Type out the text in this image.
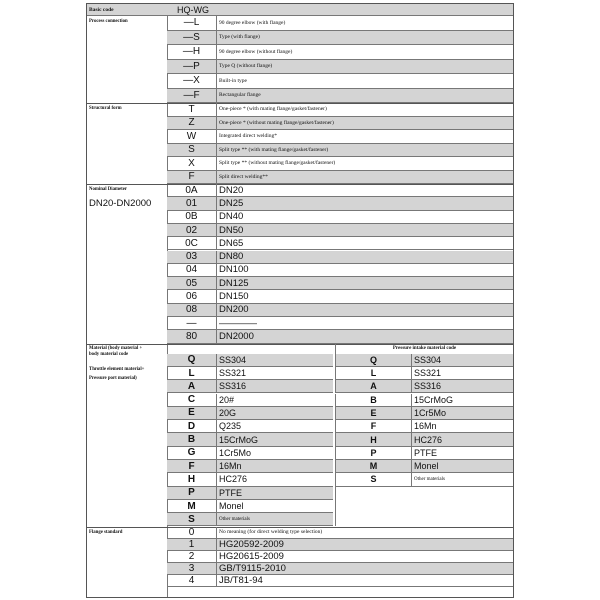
Basic code	HQ-WG
Process connection	—L	90 degree elbow (with flange)
—S	Type (with flange)
—H	90 degree elbow (without flange)
—P	Type Q (without flange)
—X	Built-in type
—F	Rectangular flange
Structural form	T	One-piece * (with mating flange/gasket/fastener)
Z	One-piece * (without mating flange/gasket/fastener)
W	Integrated direct welding*
S	Split type ** (with mating flange/gasket/fastener)
X	Split type ** (without mating flange/gasket/fastener)
F	Split direct welding**
Nominal Diameter
DN20-DN2000
0A	DN20
01	DN25
0B	DN40
02	DN50
0C	DN65
03	DN80
04	DN100
05	DN125
06	DN150
08	DN200
—	————
80	DN2000
Material (body material +
body material code
Throttle element material+
Pressure port material)
Pressure intake material code
Q	SS304
L	SS321
A	SS316
C	20#
E	20G
D	Q235
B	15CrMoG
G	1Cr5Mo
F	16Mn
H	HC276
P	PTFE
M	Monel
S	Other materials
Q	SS304
L	SS321
A	SS316
B	15CrMoG
E	1Cr5Mo
F	16Mn
H	HC276
P	PTFE
M	Monel
S	Other materials
Flange standard	0	No meaning (for direct welding type selection)
1	HG20592-2009
2	HG20615-2009
3	GB/T9115-2010
4	JB/T81-94
